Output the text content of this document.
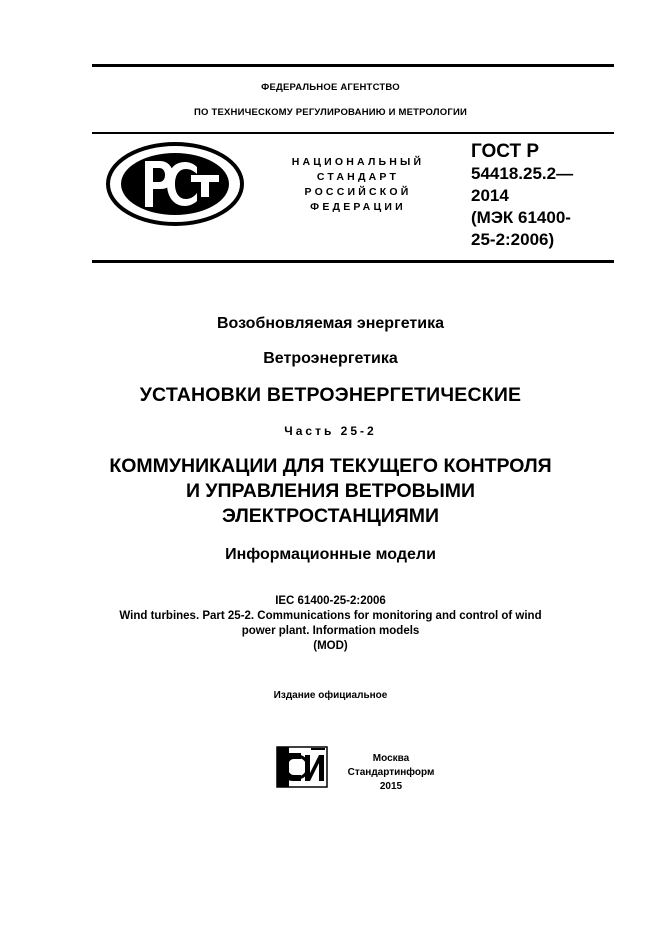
ФЕДЕРАЛЬНОЕ АГЕНТСТВО
ПО ТЕХНИЧЕСКОМУ РЕГУЛИРОВАНИЮ И МЕТРОЛОГИИ
НАЦИОНАЛЬНЫЙ
СТАНДАРТ
РОССИЙСКОЙ
ФЕДЕРАЦИИ
ГОСТ Р
54418.25.2—
2014
(МЭК 61400-
25-2:2006)
Возобновляемая энергетика
Ветроэнергетика
УСТАНОВКИ ВЕТРОЭНЕРГЕТИЧЕСКИЕ
Часть 25-2
КОММУНИКАЦИИ ДЛЯ ТЕКУЩЕГО КОНТРОЛЯ
И УПРАВЛЕНИЯ ВЕТРОВЫМИ
ЭЛЕКТРОСТАНЦИЯМИ
Информационные модели
IEC 61400-25-2:2006
Wind turbines. Part 25-2. Communications for monitoring and control of wind
power plant. Information models
(MOD)
Издание официальное
Москва
Стандартинформ
2015
